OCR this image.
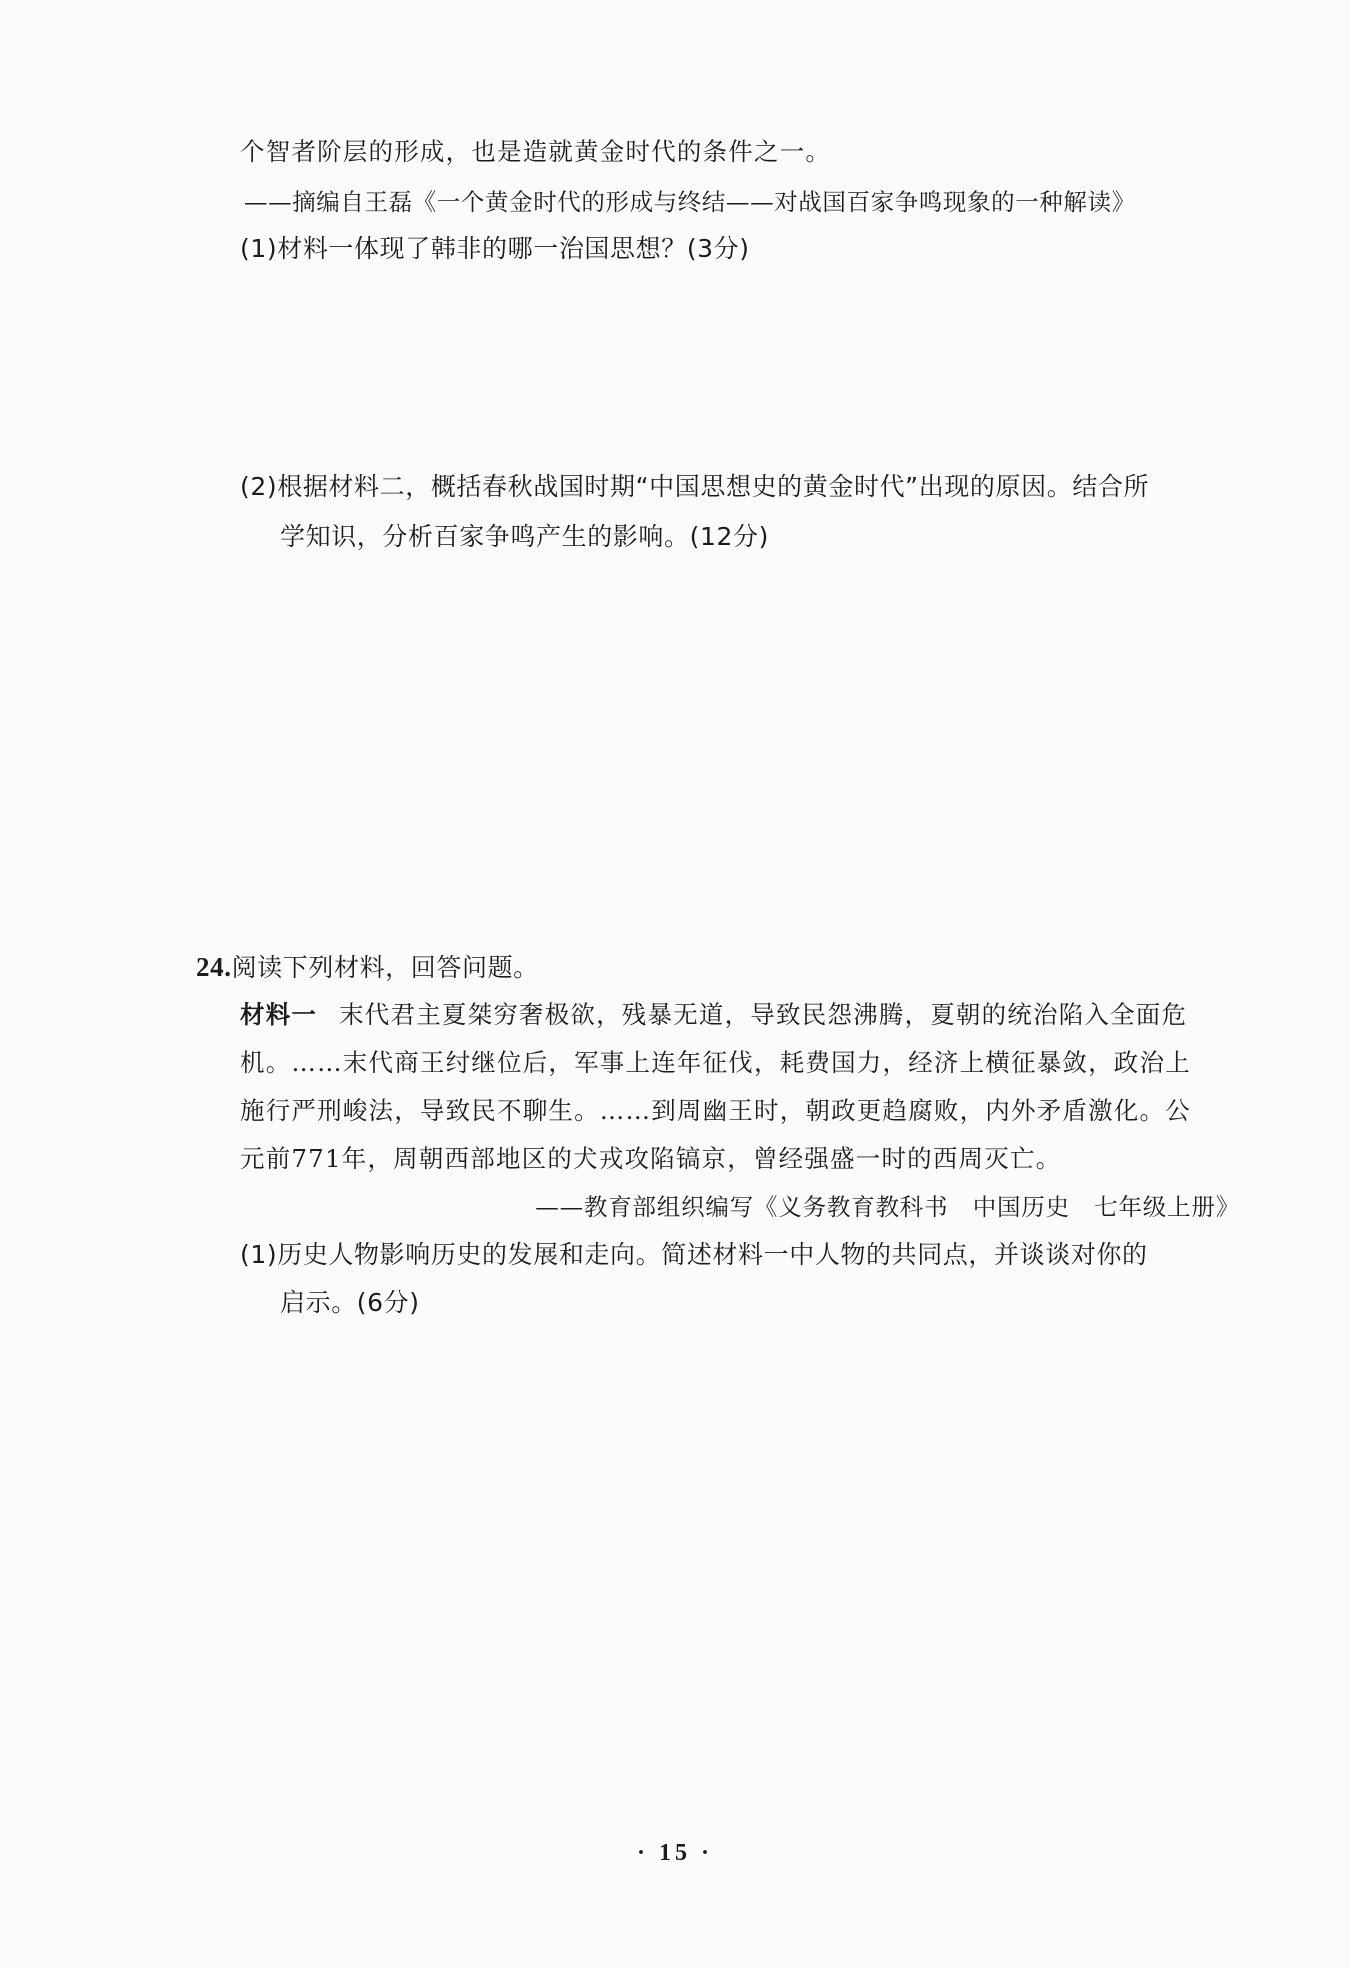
个智者阶层的形成，也是造就黄金时代的条件之一。
——摘编自王磊《一个黄金时代的形成与终结——对战国百家争鸣现象的一种解读》
(1)材料一体现了韩非的哪一治国思想？(3分)
(2)根据材料二，概括春秋战国时期“中国思想史的黄金时代”出现的原因。结合所
学知识，分析百家争鸣产生的影响。(12分)
24.阅读下列材料，回答问题。
材料一 末代君主夏桀穷奢极欲，残暴无道，导致民怨沸腾，夏朝的统治陷入全面危
机。……末代商王纣继位后，军事上连年征伐，耗费国力，经济上横征暴敛，政治上
施行严刑峻法，导致民不聊生。……到周幽王时，朝政更趋腐败，内外矛盾激化。公
元前771年，周朝西部地区的犬戎攻陷镐京，曾经强盛一时的西周灭亡。
——教育部组织编写《义务教育教科书　中国历史　七年级上册》
(1)历史人物影响历史的发展和走向。简述材料一中人物的共同点，并谈谈对你的
启示。(6分)
· 15 ·
